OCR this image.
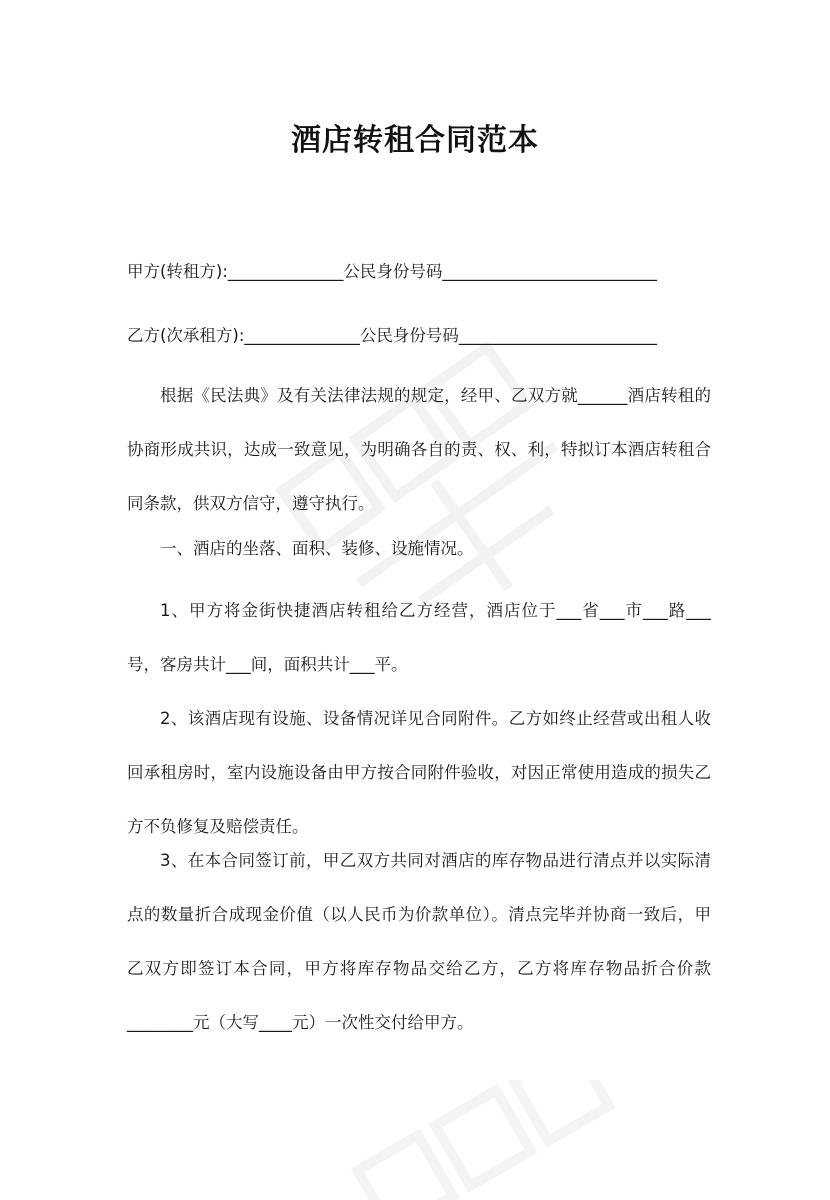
酒店转租合同范本
甲方(转租方):______________公民身份号码__________________________
乙方(次承租方):______________公民身份号码________________________
根据《民法典》及有关法律法规的规定，经甲、乙双方就______酒店转租的协商形成共识，达成一致意见，为明确各自的责、权、利，特拟订本酒店转租合同条款，供双方信守，遵守执行。
一、酒店的坐落、面积、装修、设施情况。
1、甲方将金街快捷酒店转租给乙方经营，酒店位于___省___市___路___号，客房共计___间，面积共计___平。
2、该酒店现有设施、设备情况详见合同附件。乙方如终止经营或出租人收回承租房时，室内设施设备由甲方按合同附件验收，对因正常使用造成的损失乙方不负修复及赔偿责任。
3、在本合同签订前，甲乙双方共同对酒店的库存物品进行清点并以实际清点的数量折合成现金价值（以人民币为价款单位）。清点完毕并协商一致后，甲乙双方即签订本合同，甲方将库存物品交给乙方，乙方将库存物品折合价款________元（大写____元）一次性交付给甲方。
